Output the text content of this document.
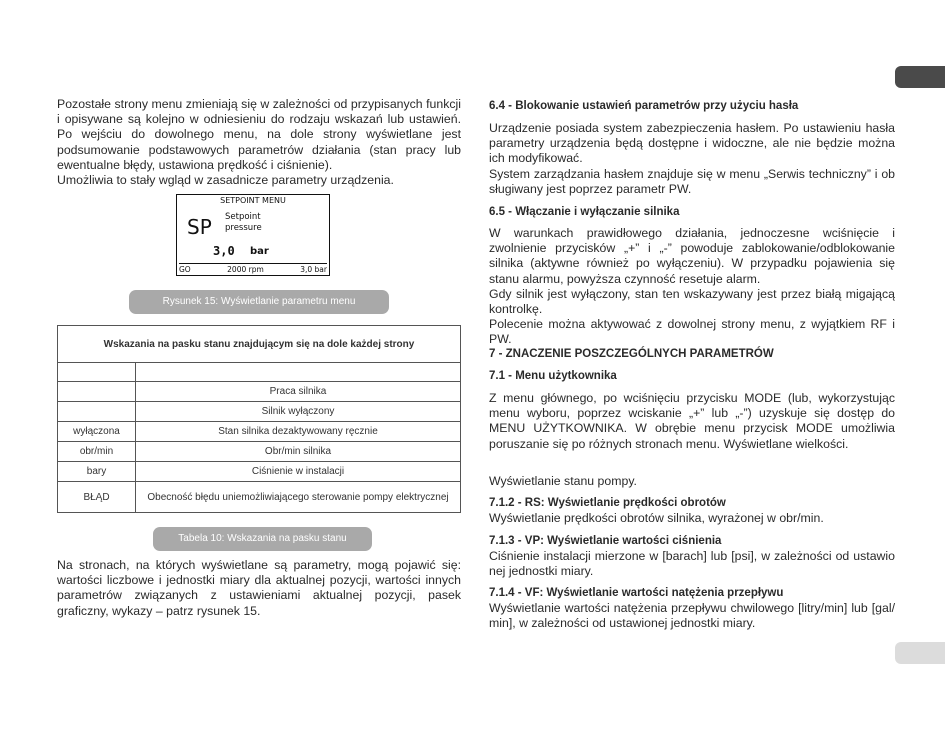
Pozostałe strony menu zmieniają się w zależności od przypisanych funkcji i opisywane są kolejno w odniesieniu do rodzaju wskazań lub ustawień. Po wejściu do dowolnego menu, na dole strony wyświetlane jest podsumowanie podstawowych parametrów działania (stan pracy lub ewentualne błędy, ustawiona prędkość i ciśnienie).
Umożliwia to stały wgląd w zasadnicze parametry urządzenia.

SETPOINT MENU
SP Setpoint
pressure
3,0 bar
GO	2000 rpm	3,0 bar
Rysunek 15: Wyświetlanie parametru menu
Wskazania na pasku stanu znajdującym się na dole każdej strony	

	Praca silnika
	Silnik wyłączony
wyłączona	Stan silnika dezaktywowany ręcznie
obr/min	Obr/min silnika
bary	Ciśnienie w instalacji
BŁĄD	Obecność błędu uniemożliwiającego sterowanie pompy elektrycznej
Tabela 10: Wskazania na pasku stanu

Na stronach, na których wyświetlane są parametry, mogą pojawić się: wartości liczbowe i jednostki miary dla aktualnej pozycji, wartości innych parametrów związanych z ustawieniami aktualnej pozycji, pasek graficzny, wykazy – patrz rysunek 15.

6.4 - Blokowanie ustawień parametrów przy użyciu hasła

Urządzenie posiada system zabezpieczenia hasłem. Po ustawieniu hasła parametry urządzenia będą dostępne i widoczne, ale nie będzie można ich modyfikować.
System zarządzania hasłem znajduje się w menu „Serwis techniczny” i ob sługiwany jest poprzez parametr PW.

6.5 - Włączanie i wyłączanie silnika

W warunkach prawidłowego działania, jednoczesne wciśnięcie i zwolnienie przycisków „+” i „-” powoduje zablokowanie/odblokowanie silnika (aktywne również po wyłączeniu). W przypadku pojawienia się stanu alarmu, powyższa czynność resetuje alarm.
Gdy silnik jest wyłączony, stan ten wskazywany jest przez białą migającą kontrolkę.
Polecenie można aktywować z dowolnej strony menu, z wyjątkiem RF i PW.

7 - ZNACZENIE POSZCZEGÓLNYCH PARAMETRÓW
7.1 - Menu użytkownika

Z menu głównego, po wciśnięciu przycisku MODE (lub, wykorzystując menu wyboru, poprzez wciskanie „+” lub „-”) uzyskuje się dostęp do MENU UŻYTKOWNIKA. W obrębie menu przycisk MODE umożliwia poruszanie się po różnych stronach menu. Wyświetlane wielkości.

Wyświetlanie stanu pompy.

7.1.2 - RS: Wyświetlanie prędkości obrotów

Wyświetlanie prędkości obrotów silnika, wyrażonej w obr/min.

7.1.3 - VP: Wyświetlanie wartości ciśnienia

Ciśnienie instalacji mierzone w [barach] lub [psi], w zależności od ustawio nej jednostki miary.

7.1.4 - VF: Wyświetlanie wartości natężenia przepływu

Wyświetlanie wartości natężenia przepływu chwilowego [litry/min] lub [gal/ min], w zależności od ustawionej jednostki miary.
